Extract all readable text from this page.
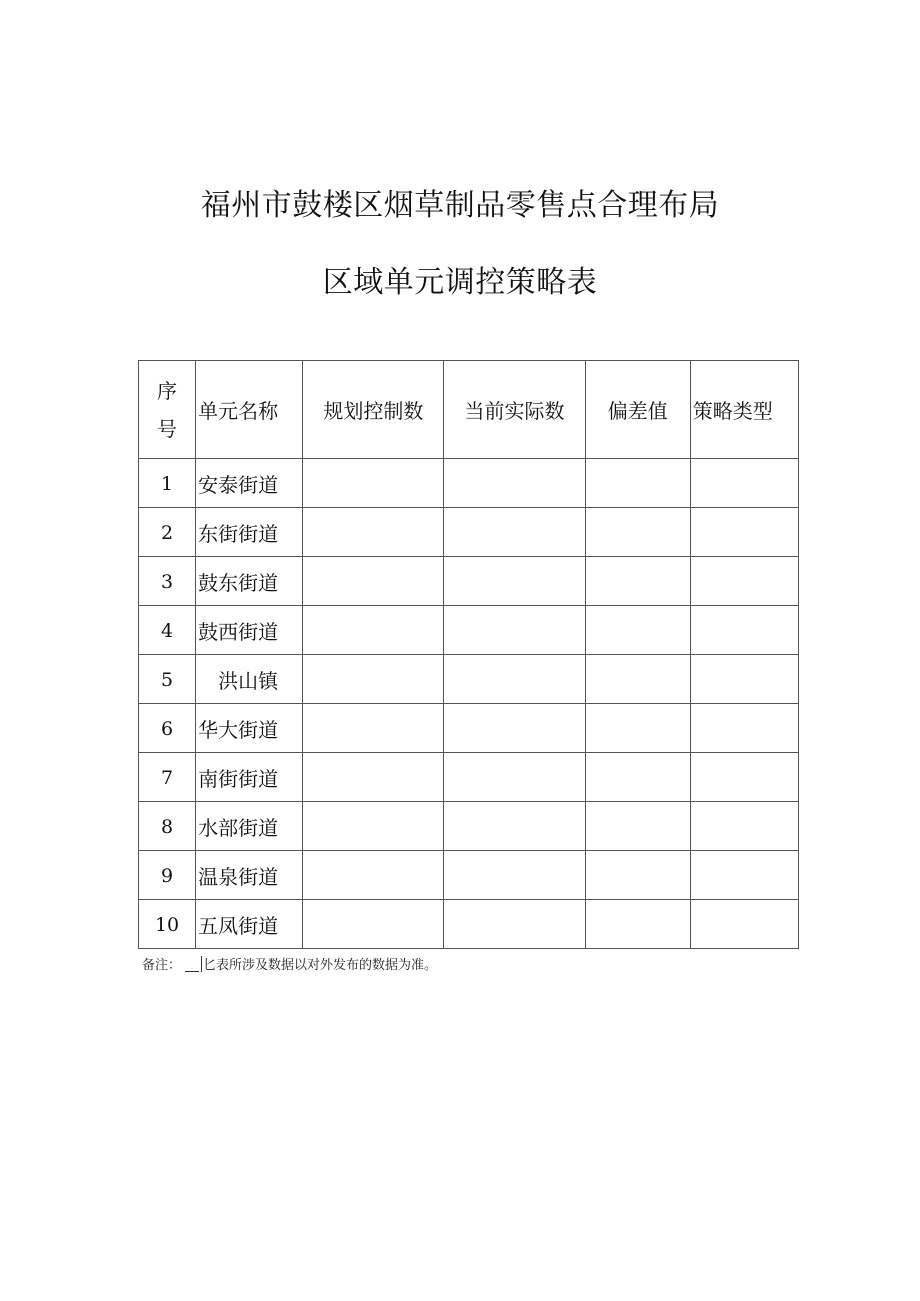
福州市鼓楼区烟草制品零售点合理布局
区域单元调控策略表
序号	单元名称	规划控制数	当前实际数	偏差值	策略类型
1	安泰街道				
2	东街街道				
3	鼓东街道				
4	鼓西街道				
5	洪山镇				
6	华大街道				
7	南街街道				
8	水部街道				
9	温泉街道				
10	五凤街道				
备注： 匕表所涉及数据以对外发布的数据为准。
